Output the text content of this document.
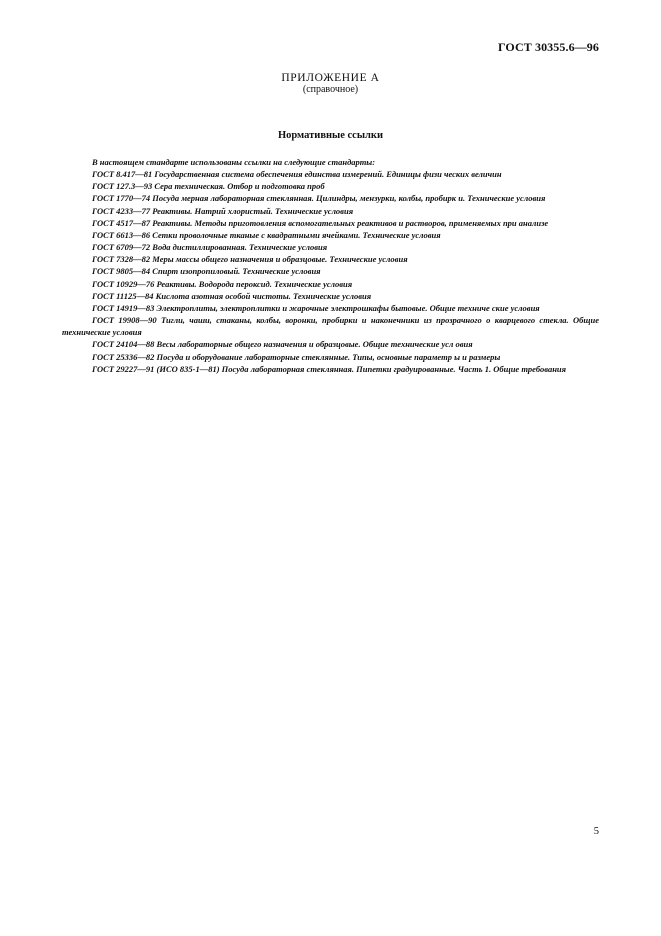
ГОСТ 30355.6—96
ПРИЛОЖЕНИЕ А
(справочное)
Нормативные ссылки

В настоящем стандарте использованы ссылки на следующие стандарты:

ГОСТ 8.417—81 Государственная система обеспечения единства измерений. Единицы физи ческих величин

ГОСТ 127.3—93 Сера техническая. Отбор и подготовка проб

ГОСТ 1770—74 Посуда мерная лабораторная стеклянная. Цилиндры, мензурки, колбы, пробирк и. Технические условия

ГОСТ 4233—77 Реактивы. Натрий хлористый. Технические условия

ГОСТ 4517—87 Реактивы. Методы приготовления вспомогательных реактивов и растворов, применяемых при анализе

ГОСТ 6613—86 Сетки проволочные тканые с квадратными ячейками. Технические условия

ГОСТ 6709—72 Вода дистиллированная. Технические условия

ГОСТ 7328—82 Меры массы общего назначения и образцовые. Технические условия

ГОСТ 9805—84 Спирт изопропиловый. Технические условия

ГОСТ 10929—76 Реактивы. Водорода пероксид. Технические условия

ГОСТ 11125—84 Кислота азотная особой чистоты. Технические условия

ГОСТ 14919—83 Электроплиты, электроплитки и жарочные электрошкафы бытовые. Общие техниче ские условия

ГОСТ 19908—90 Тигли, чаши, стаканы, колбы, воронки, пробирки и наконечники из прозрачного о кварцевого стекла. Общие технические условия

ГОСТ 24104—88 Весы лабораторные общего назначения и образцовые. Общие технические усл овия

ГОСТ 25336—82 Посуда и оборудование лабораторные стеклянные. Типы, основные параметр ы и размеры

ГОСТ 29227—91 (ИСО 835-1—81) Посуда лабораторная стеклянная. Пипетки градуированные. Часть 1. Общие требования

5
